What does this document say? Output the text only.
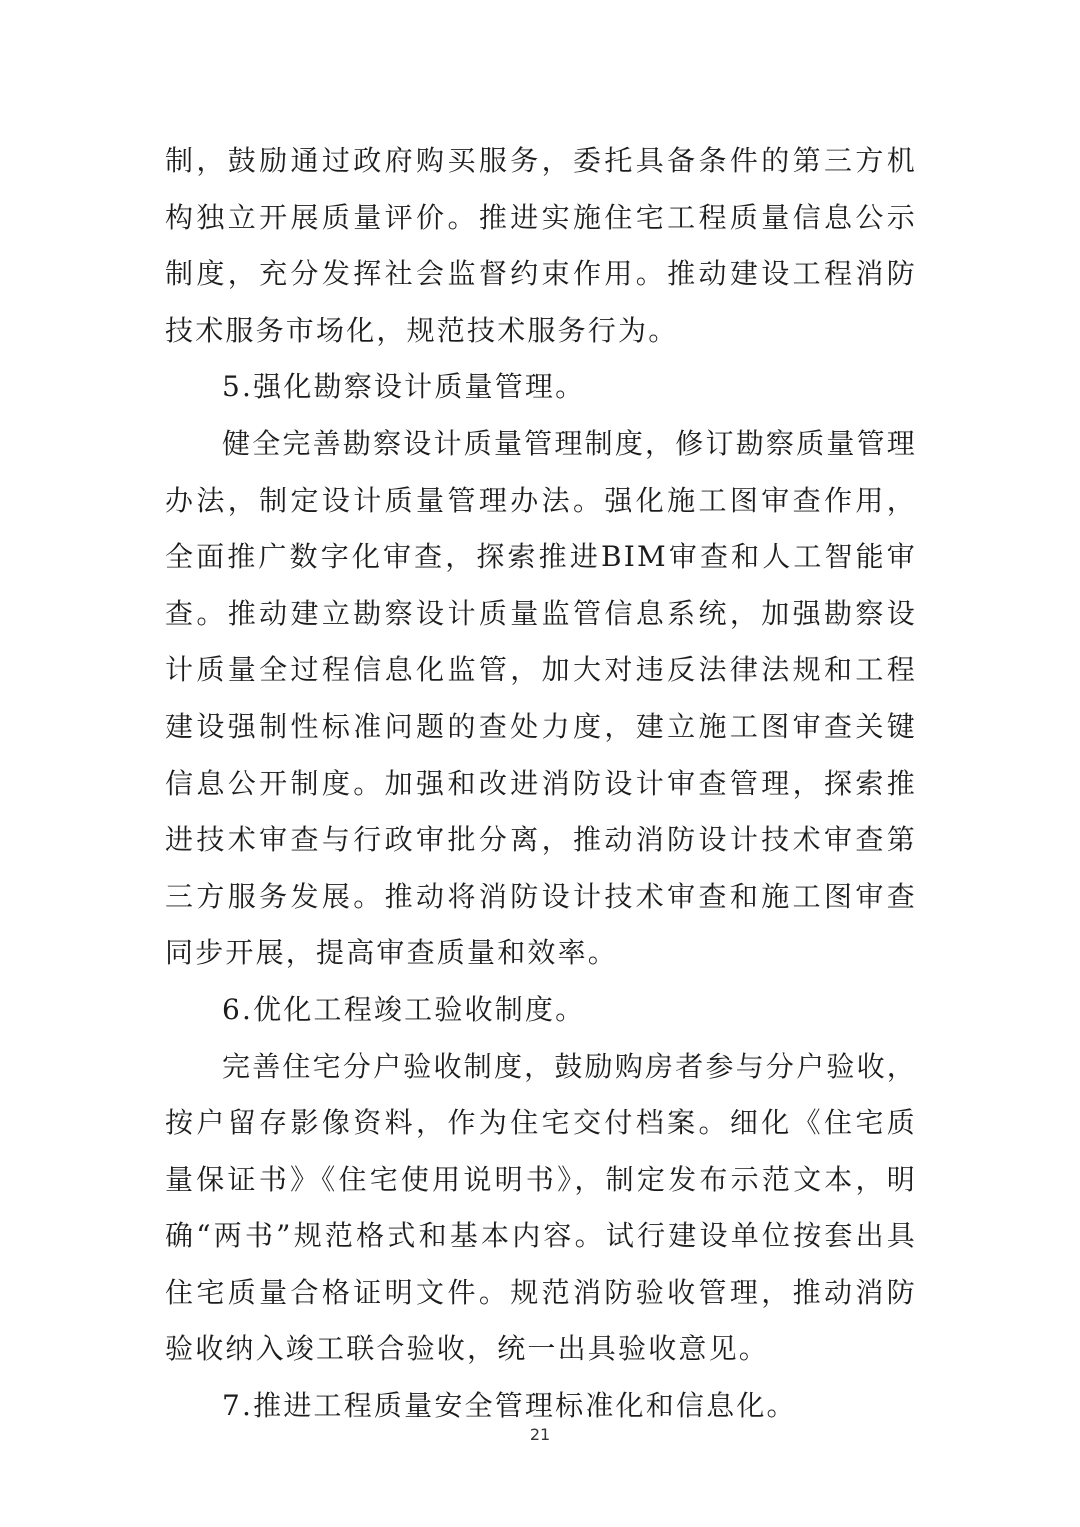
制，鼓励通过政府购买服务，委托具备条件的第三方机构独立开展质量评价。推进实施住宅工程质量信息公示制度，充分发挥社会监督约束作用。推动建设工程消防技术服务市场化，规范技术服务行为。

5.强化勘察设计质量管理。

健全完善勘察设计质量管理制度，修订勘察质量管理办法，制定设计质量管理办法。强化施工图审查作用，全面推广数字化审查，探索推进BIM审查和人工智能审查。推动建立勘察设计质量监管信息系统，加强勘察设计质量全过程信息化监管，加大对违反法律法规和工程建设强制性标准问题的查处力度，建立施工图审查关键信息公开制度。加强和改进消防设计审查管理，探索推进技术审查与行政审批分离，推动消防设计技术审查第三方服务发展。推动将消防设计技术审查和施工图审查同步开展，提高审查质量和效率。

6.优化工程竣工验收制度。

完善住宅分户验收制度，鼓励购房者参与分户验收，按户留存影像资料，作为住宅交付档案。细化《住宅质量保证书》《住宅使用说明书》，制定发布示范文本，明确“两书”规范格式和基本内容。试行建设单位按套出具住宅质量合格证明文件。规范消防验收管理，推动消防验收纳入竣工联合验收，统一出具验收意见。

7.推进工程质量安全管理标准化和信息化。

21
